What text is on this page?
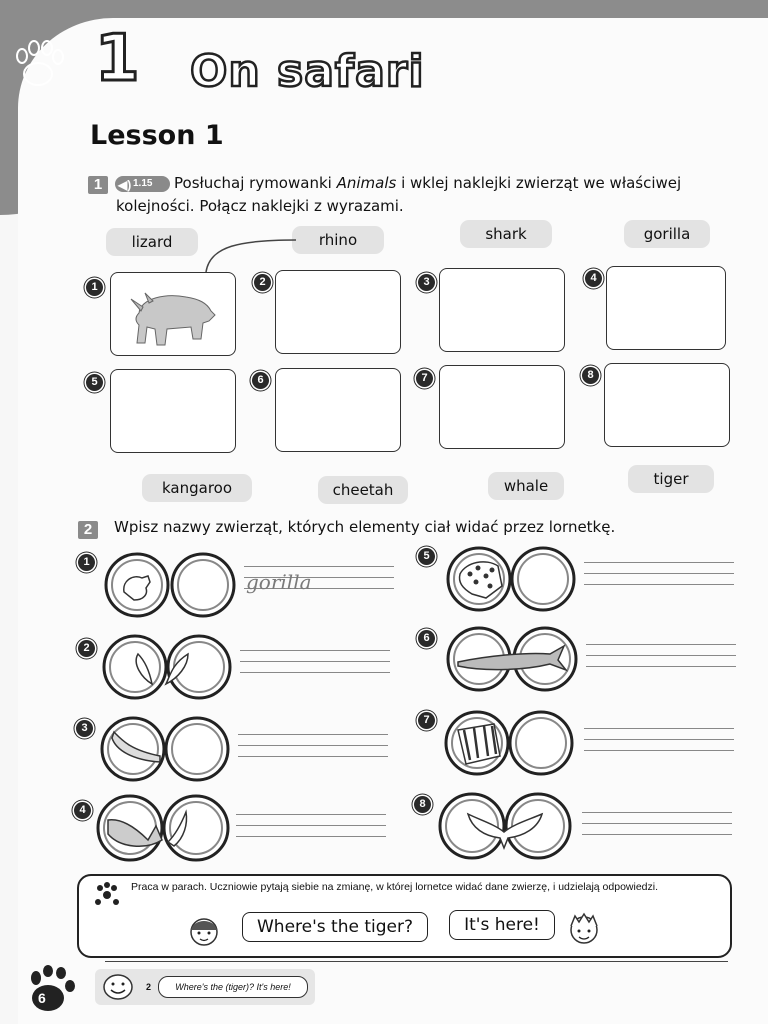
1 On safari
Lesson 1
1	◀) 1.15	Posłuchaj rymowanki Animals i wklej naklejki zwierząt we właściwej
kolejności. Połącz naklejki z wyrazami.
lizard	rhino	shark	gorilla
1	2	3	4
5	6	7	8
kangaroo	cheetah	whale	tiger
2	Wpisz nazwy zwierząt, których elementy ciał widać przez lornetkę.
1
gorilla
2
3
4
5
6
7
8
Praca w parach. Uczniowie pytają siebie na zmianę, w której lornetce widać dane zwierzę, i udzielają odpowiedzi.
Where's the tiger?	It's here!
2	Where's the (tiger)? It's here!
6
